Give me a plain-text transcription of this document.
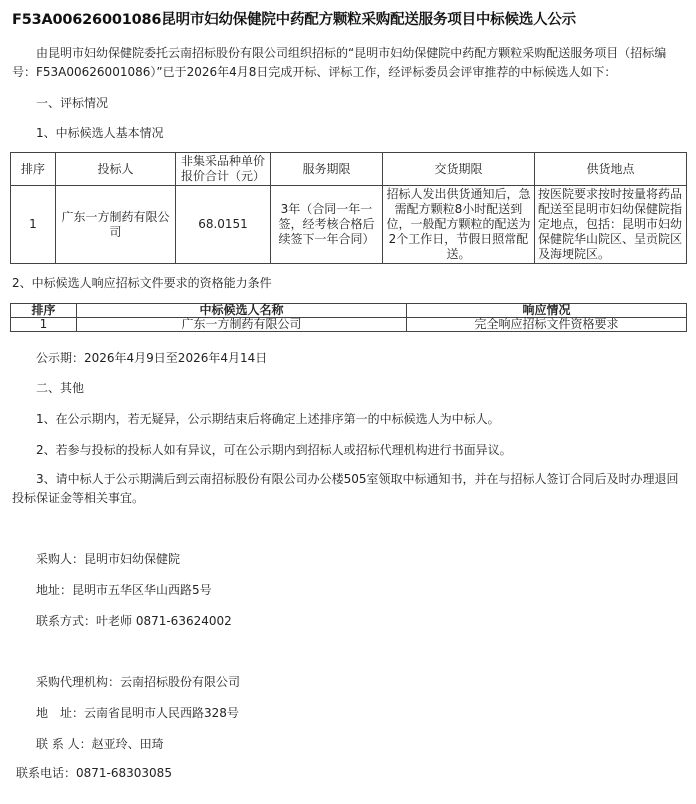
F53A00626001086昆明市妇幼保健院中药配方颗粒采购配送服务项目中标候选人公示
由昆明市妇幼保健院委托云南招标股份有限公司组织招标的“昆明市妇幼保健院中药配方颗粒采购配送服务项目（招标编号：F53A00626001086）”已于2026年4月8日完成开标、评标工作，经评标委员会评审推荐的中标候选人如下：
一、评标情况
1、中标候选人基本情况
排序	投标人	非集采品种单价报价合计（元）	服务期限	交货期限	供货地点
1	广东一方制药有限公司	68.0151	3年（合同一年一签，经考核合格后续签下一年合同）	招标人发出供货通知后，急需配方颗粒8小时配送到位，一般配方颗粒的配送为2个工作日，节假日照常配送。	按医院要求按时按量将药品配送至昆明市妇幼保健院指定地点，包括：昆明市妇幼保健院华山院区、呈贡院区及海埂院区。
2、中标候选人响应招标文件要求的资格能力条件
排序	中标候选人名称	响应情况
1	广东一方制药有限公司	完全响应招标文件资格要求
公示期：2026年4月9日至2026年4月14日
二、其他
1、在公示期内，若无疑异，公示期结束后将确定上述排序第一的中标候选人为中标人。
2、若参与投标的投标人如有异议，可在公示期内到招标人或招标代理机构进行书面异议。
3、请中标人于公示期满后到云南招标股份有限公司办公楼505室领取中标通知书，并在与招标人签订合同后及时办理退回投标保证金等相关事宜。
采购人：昆明市妇幼保健院
地址：昆明市五华区华山西路5号
联系方式：叶老师 0871-63624002
采购代理机构：云南招标股份有限公司
地　址：云南省昆明市人民西路328号
联 系 人：赵亚玲、田琦
联系电话：0871-68303085
